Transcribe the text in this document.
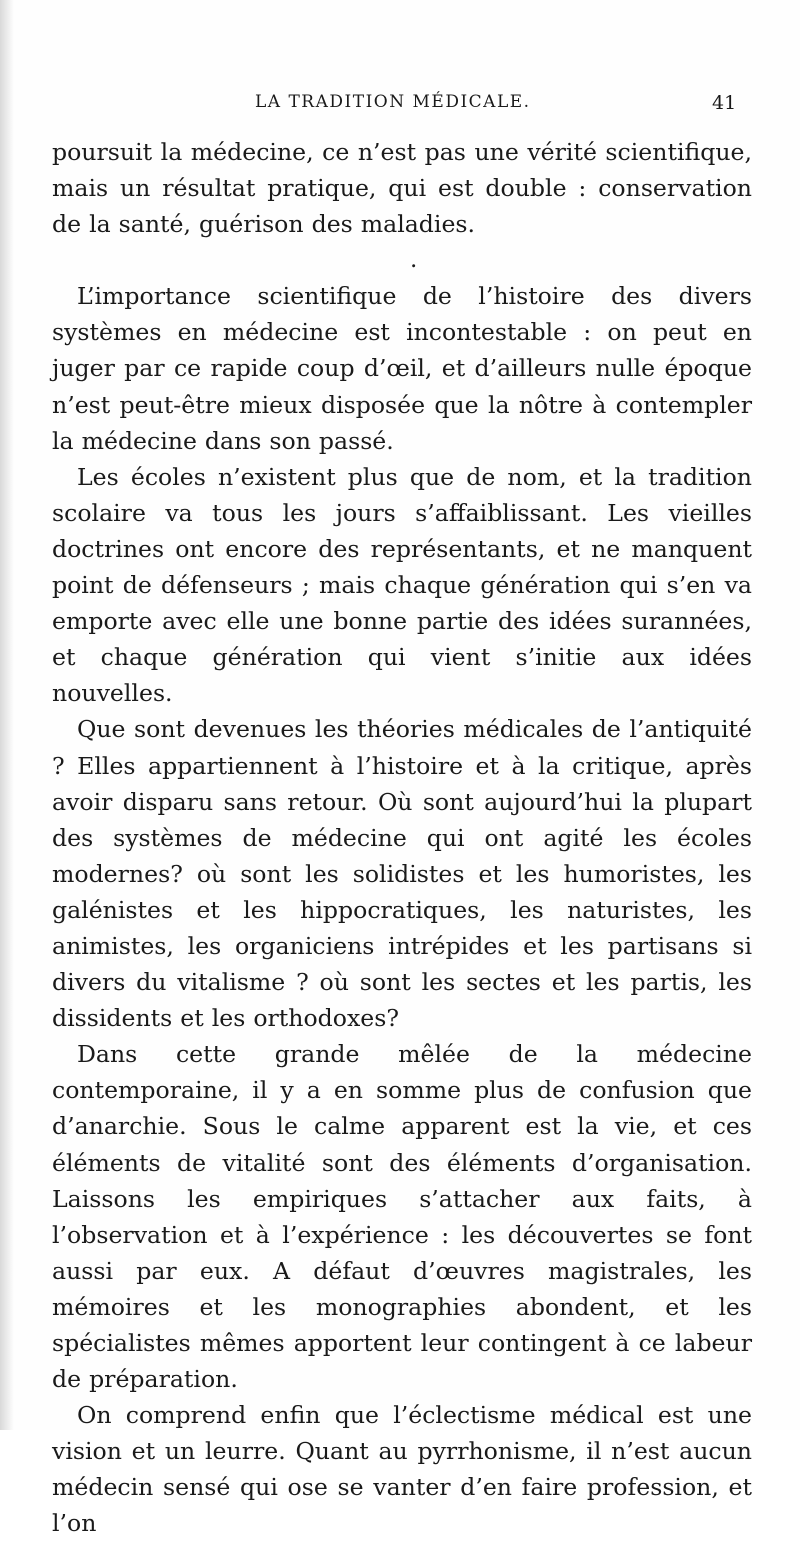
LA TRADITION MÉDICALE.	41

poursuit la médecine, ce n’est pas une vérité scientifique, mais un résultat pratique, qui est double : conservation de la santé, guérison des maladies.

.

L’importance scientifique de l’histoire des divers systèmes en médecine est incontestable : on peut en juger par ce rapide coup d’œil, et d’ailleurs nulle époque n’est peut-être mieux disposée que la nôtre à contempler la médecine dans son passé.

Les écoles n’existent plus que de nom, et la tradition scolaire va tous les jours s’affaiblissant. Les vieilles doctrines ont encore des représentants, et ne manquent point de défenseurs ; mais chaque génération qui s’en va emporte avec elle une bonne partie des idées surannées, et chaque génération qui vient s’initie aux idées nouvelles.

Que sont devenues les théories médicales de l’antiquité ? Elles appartiennent à l’histoire et à la critique, après avoir disparu sans retour. Où sont aujourd’hui la plupart des systèmes de médecine qui ont agité les écoles modernes? où sont les solidistes et les humoristes, les galénistes et les hippocratiques, les naturistes, les animistes, les organiciens intrépides et les partisans si divers du vitalisme ? où sont les sectes et les partis, les dissidents et les orthodoxes?

Dans cette grande mêlée de la médecine contemporaine, il y a en somme plus de confusion que d’anarchie. Sous le calme apparent est la vie, et ces éléments de vitalité sont des éléments d’organisation. Laissons les empiriques s’attacher aux faits, à l’observation et à l’expérience : les découvertes se font aussi par eux. A défaut d’œuvres magistrales, les mémoires et les monographies abondent, et les spécialistes mêmes apportent leur contingent à ce labeur de préparation.

On comprend enfin que l’éclectisme médical est une vision et un leurre. Quant au pyrrhonisme, il n’est aucun médecin sensé qui ose se vanter d’en faire profession, et l’on
